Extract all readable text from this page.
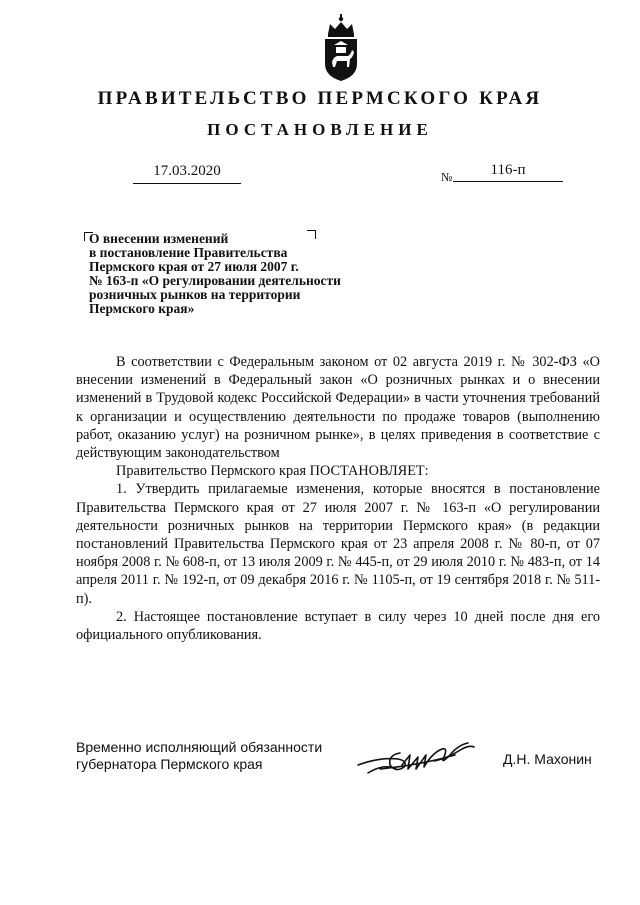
ПРАВИТЕЛЬСТВО ПЕРМСКОГО КРАЯ
ПОСТАНОВЛЕНИЕ
17.03.2020	№	116-п
О внесении изменений
в постановление Правительства
Пермского края от 27 июля 2007 г.
№ 163-п «О регулировании деятельности
розничных рынков на территории
Пермского края»

В соответствии с Федеральным законом от 02 августа 2019 г. № 302-ФЗ «О внесении изменений в Федеральный закон «О розничных рынках и о внесении изменений в Трудовой кодекс Российской Федерации» в части уточнения требований к организации и осуществлению деятельности по продаже товаров (выполнению работ, оказанию услуг) на розничном рынке», в целях приведения в соответствие с действующим законодательством

Правительство Пермского края ПОСТАНОВЛЯЕТ:

1. Утвердить прилагаемые изменения, которые вносятся в постановление Правительства Пермского края от 27 июля 2007 г. № 163-п «О регулировании деятельности розничных рынков на территории Пермского края» (в редакции постановлений Правительства Пермского края от 23 апреля 2008 г. № 80-п, от 07 ноября 2008 г. № 608-п, от 13 июля 2009 г. № 445-п, от 29 июля 2010 г. № 483-п, от 14 апреля 2011 г. № 192-п, от 09 декабря 2016 г. № 1105-п, от 19 сентября 2018 г. № 511-п).

2. Настоящее постановление вступает в силу через 10 дней после дня его официального опубликования.

Временно исполняющий обязанности
губернатора Пермского края	Д.Н. Махонин
